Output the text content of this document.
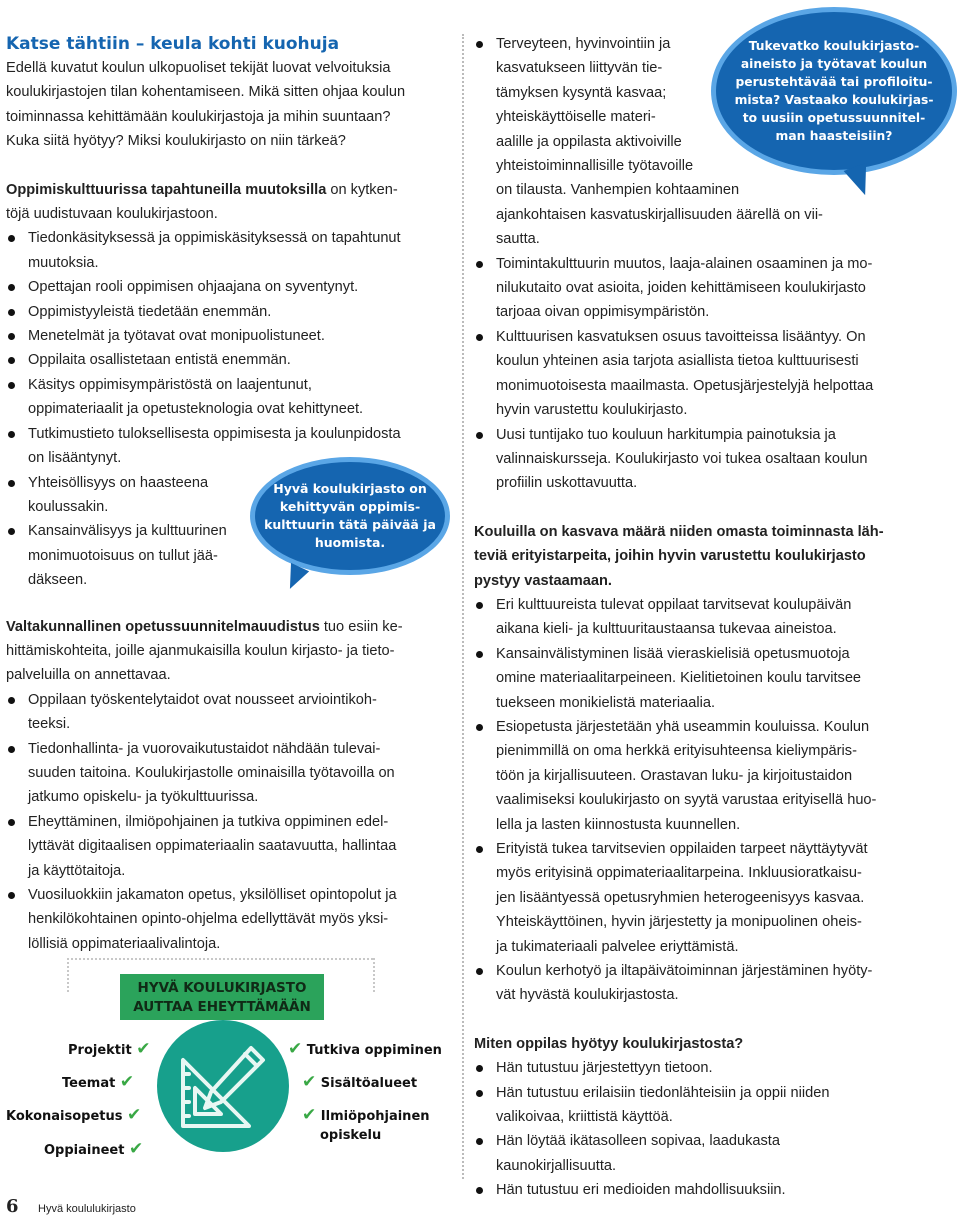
Katse tähtiin – keula kohti kuohuja

Edellä kuvatut koulun ulkopuoliset tekijät luovat velvoituksia

koulukirjastojen tilan kohentamiseen. Mikä sitten ohjaa koulun

toiminnassa kehittämään koulukirjastoja ja mihin suuntaan?

Kuka siitä hyötyy? Miksi koulukirjasto on niin tärkeä?

Oppimiskulttuurissa tapahtuneilla muutoksilla on kytken-

töjä uudistuvaan koulukirjastoon.

Tiedonkäsityksessä ja oppimiskäsityksessä on tapahtunut
muutoksia.
Opettajan rooli oppimisen ohjaajana on syventynyt.
Oppimistyyleistä tiedetään enemmän.
Menetelmät ja työtavat ovat monipuolistuneet.
Oppilaita osallistetaan entistä enemmän.
Käsitys oppimisympäristöstä on laajentunut,
oppimateriaalit ja opetusteknologia ovat kehittyneet.
Tutkimustieto tuloksellisesta oppimisesta ja koulunpidosta
on lisääntynyt.
Yhteisöllisyys on haasteena
koulussakin.
Kansainvälisyys ja kulttuurinen
monimuotoisuus on tullut jää-
däkseen.

Valtakunnallinen opetussuunnitelmauudistus tuo esiin ke-

hittämiskohteita, joille ajanmukaisilla koulun kirjasto- ja tieto-

palveluilla on annettavaa.

Oppilaan työskentelytaidot ovat nousseet arviointikoh-
teeksi.
Tiedonhallinta- ja vuorovaikutustaidot nähdään tulevai-
suuden taitoina. Koulukirjastolle ominaisilla työtavoilla on
jatkumo opiskelu- ja työkulttuurissa.
Eheyttäminen, ilmiöpohjainen ja tutkiva oppiminen edel-
lyttävät digitaalisen oppimateriaalin saatavuutta, hallintaa
ja käyttötaitoja.
Vuosiluokkiin jakamaton opetus, yksilölliset opintopolut ja
henkilökohtainen opinto-ohjelma edellyttävät myös yksi-
löllisiä oppimateriaalivalintoja.
Hyvä koulukirjasto on
kehittyvän oppimis-
kulttuurin tätä päivää ja
huomista.
HYVÄ KOULUKIRJASTO
AUTTAA EHEYTTÄMÄÄN
Projektit ✔
Teemat ✔
Kokonaisopetus ✔
Oppiaineet ✔
✔ Tutkiva oppiminen
✔ Sisältöalueet
✔ Ilmiöpohjainen
opiskelu
Terveyteen, hyvinvointiin ja
kasvatukseen liittyvän tie-
tämyksen kysyntä kasvaa;
yhteiskäyttöiselle materi-
aalille ja oppilasta aktivoiville
yhteistoiminnallisille työtavoille
on tilausta. Vanhempien kohtaaminen
ajankohtaisen kasvatuskirjallisuuden äärellä on vii-
sautta.
Toimintakulttuurin muutos, laaja-alainen osaaminen ja mo-
nilukutaito ovat asioita, joiden kehittämiseen koulukirjasto
tarjoaa oivan oppimisympäristön.
Kulttuurisen kasvatuksen osuus tavoitteissa lisääntyy. On
koulun yhteinen asia tarjota asiallista tietoa kulttuurisesti
monimuotoisesta maailmasta. Opetusjärjestelyjä helpottaa
hyvin varustettu koulukirjasto.
Uusi tuntijako tuo kouluun harkitumpia painotuksia ja
valinnaiskursseja. Koulukirjasto voi tukea osaltaan koulun
profiilin uskottavuutta.

Kouluilla on kasvava määrä niiden omasta toiminnasta läh-

teviä erityistarpeita, joihin hyvin varustettu koulukirjasto

pystyy vastaamaan.

Eri kulttuureista tulevat oppilaat tarvitsevat koulupäivän
aikana kieli- ja kulttuuritaustaansa tukevaa aineistoa.
Kansainvälistyminen lisää vieraskielisiä opetusmuotoja
omine materiaalitarpeineen. Kielitietoinen koulu tarvitsee
tuekseen monikielistä materiaalia.
Esiopetusta järjestetään yhä useammin kouluissa. Koulun
pienimmillä on oma herkkä erityisuhteensa kieliympäris-
töön ja kirjallisuuteen. Orastavan luku- ja kirjoitustaidon
vaalimiseksi koulukirjasto on syytä varustaa erityisellä huo-
lella ja lasten kiinnostusta kuunnellen.
Erityistä tukea tarvitsevien oppilaiden tarpeet näyttäytyvät
myös erityisinä oppimateriaalitarpeina. Inkluusioratkaisu-
jen lisääntyessä opetusryhmien heterogeenisyys kasvaa.
Yhteiskäyttöinen, hyvin järjestetty ja monipuolinen oheis-
ja tukimateriaali palvelee eriyttämistä.
Koulun kerhotyö ja iltapäivätoiminnan järjestäminen hyöty-
vät hyvästä koulukirjastosta.

Miten oppilas hyötyy koulukirjastosta?

Hän tutustuu järjestettyyn tietoon.
Hän tutustuu erilaisiin tiedonlähteisiin ja oppii niiden
valikoivaa, kriittistä käyttöä.
Hän löytää ikätasolleen sopivaa, laadukasta
kaunokirjallisuutta.
Hän tutustuu eri medioiden mahdollisuuksiin.
Tukevatko koulukirjasto-
aineisto ja työtavat koulun
perustehtävää tai profiloitu-
mista? Vastaako koulukirjas-
to uusiin opetussuunnitel-
man haasteisiin?
6 Hyvä koululukirjasto
